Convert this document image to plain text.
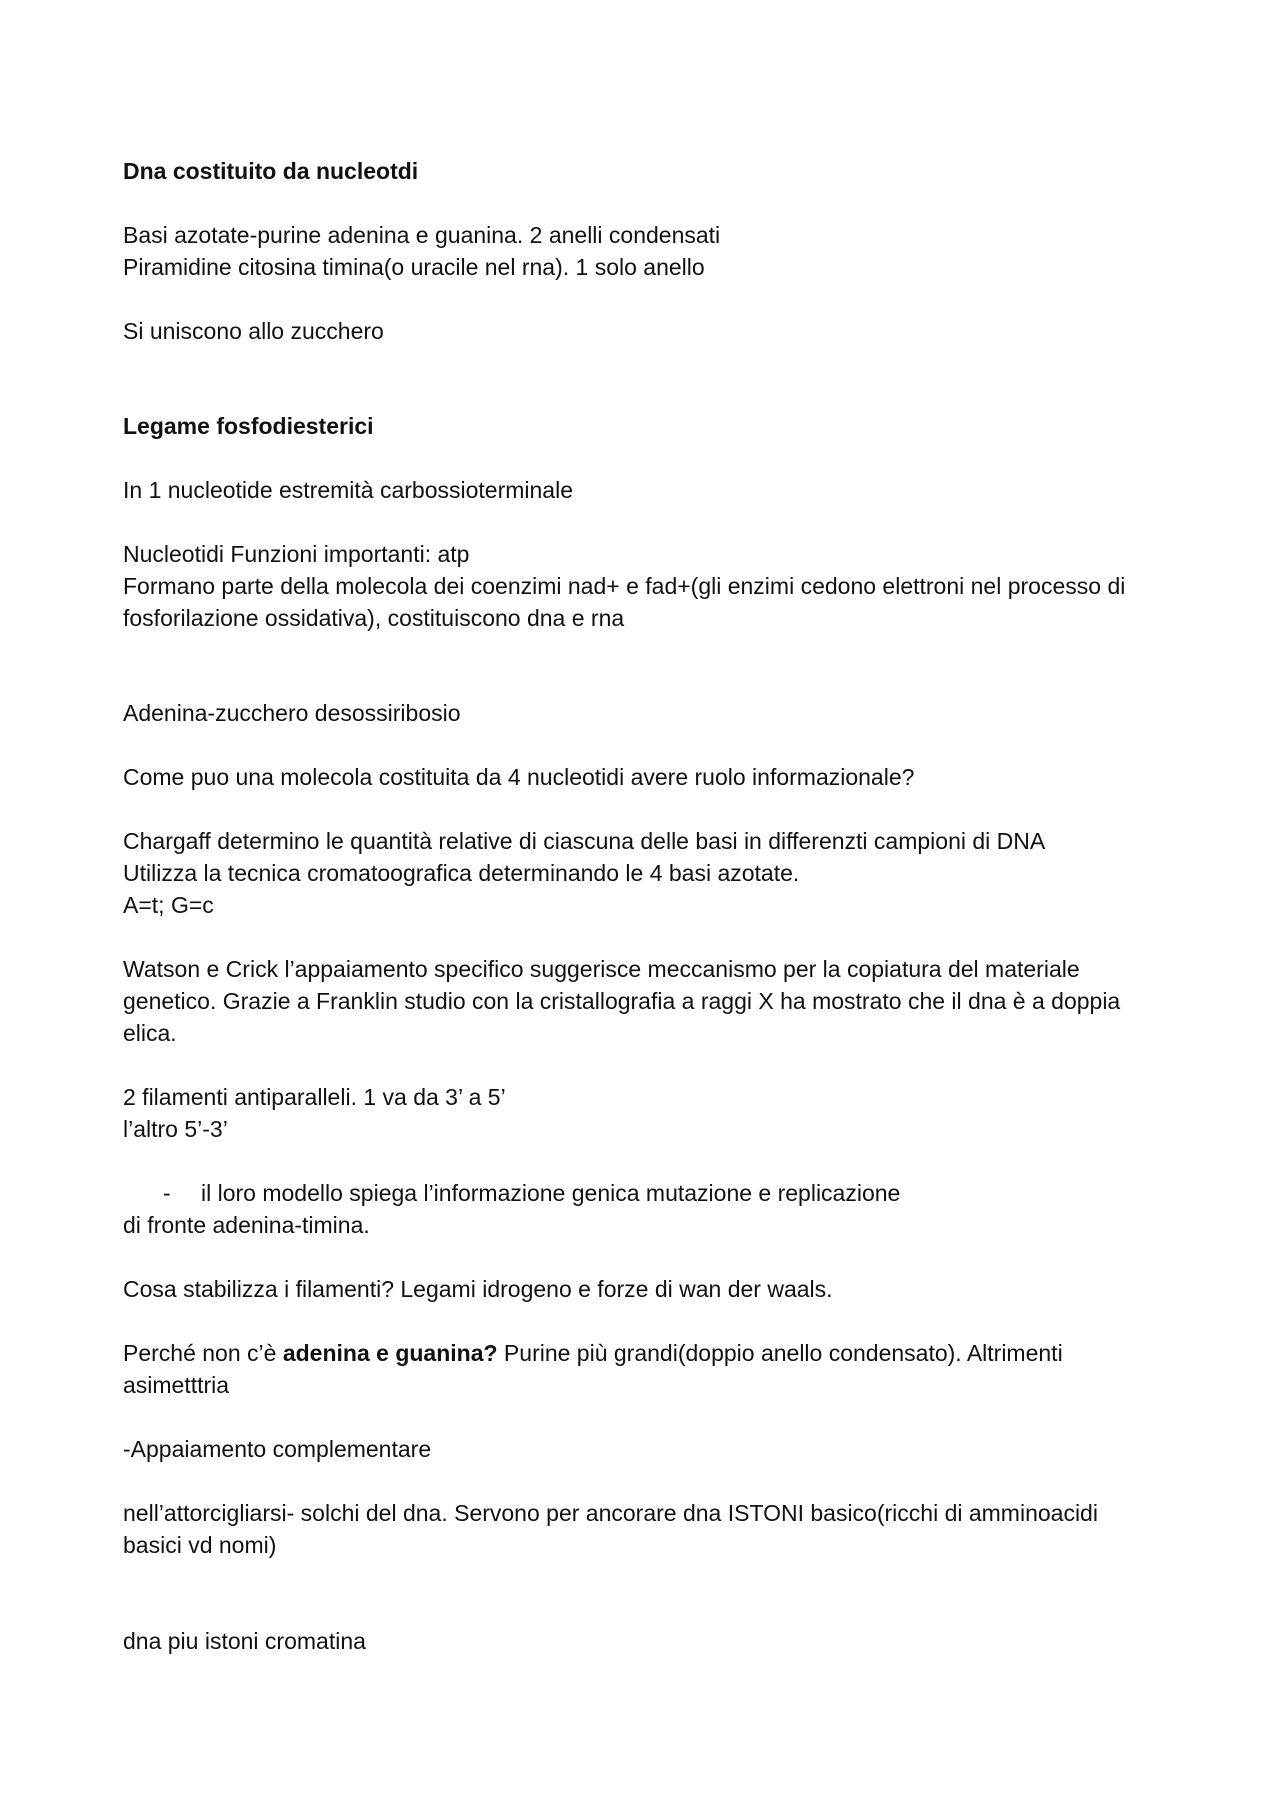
Dna costituito da nucleotdi

Basi azotate-purine adenina e guanina. 2 anelli condensati

Piramidine citosina timina(o uracile nel rna). 1 solo anello

Si uniscono allo zucchero

Legame fosfodiesterici

In 1 nucleotide estremità carbossioterminale

Nucleotidi Funzioni importanti: atp

Formano parte della molecola dei coenzimi nad+ e fad+(gli enzimi cedono elettroni nel processo di

fosforilazione ossidativa), costituiscono dna e rna

Adenina-zucchero desossiribosio

Come puo una molecola costituita da 4 nucleotidi avere ruolo informazionale?

Chargaff determino le quantità relative di ciascuna delle basi in differenzti campioni di DNA

Utilizza la tecnica cromatoografica determinando le 4 basi azotate.

A=t; G=c

Watson e Crick l’appaiamento specifico suggerisce meccanismo per la copiatura del materiale

genetico. Grazie a Franklin studio con la cristallografia a raggi X ha mostrato che il dna è a doppia

elica.

2 filamenti antiparalleli. 1 va da 3’ a 5’

l’altro 5’-3’

-	il loro modello spiega l’informazione genica mutazione e replicazione

di fronte adenina-timina.

Cosa stabilizza i filamenti? Legami idrogeno e forze di wan der waals.

Perché non c’è adenina e guanina? Purine più grandi(doppio anello condensato). Altrimenti

asimetttria

-Appaiamento complementare

nell’attorcigliarsi- solchi del dna. Servono per ancorare dna ISTONI basico(ricchi di amminoacidi

basici vd nomi)

dna piu istoni cromatina
